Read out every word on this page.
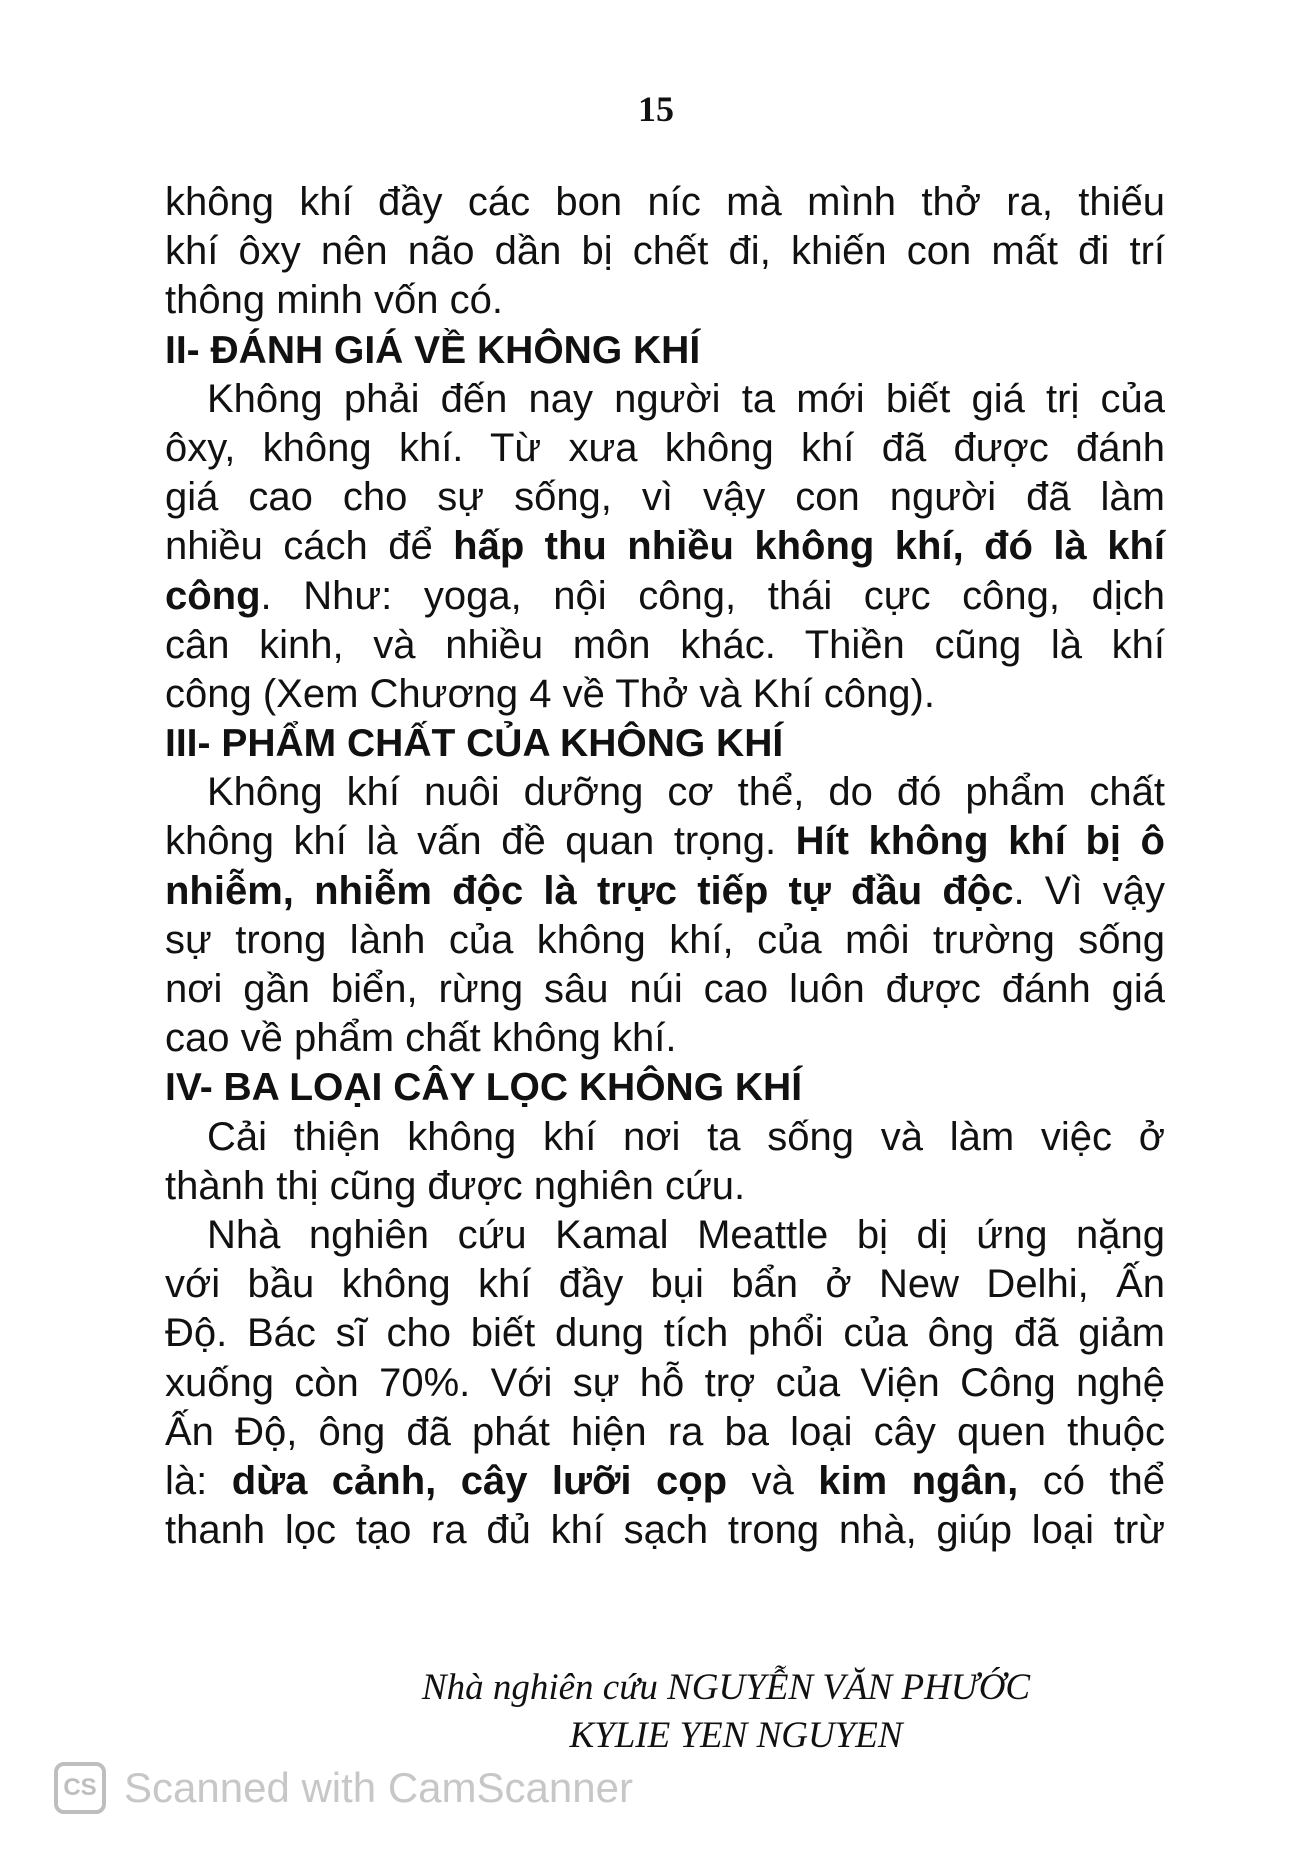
15
không khí đầy các bon níc mà mình thở ra, thiếu
khí ôxy nên não dần bị chết đi, khiến con mất đi trí
thông minh vốn có.
II- ĐÁNH GIÁ VỀ KHÔNG KHÍ
Không phải đến nay người ta mới biết giá trị của
ôxy, không khí. Từ xưa không khí đã được đánh
giá cao cho sự sống, vì vậy con người đã làm
nhiều cách để hấp thu nhiều không khí, đó là khí
công. Như: yoga, nội công, thái cực công, dịch
cân kinh, và nhiều môn khác. Thiền cũng là khí
công (Xem Chương 4 về Thở và Khí công).
III- PHẨM CHẤT CỦA KHÔNG KHÍ
Không khí nuôi dưỡng cơ thể, do đó phẩm chất
không khí là vấn đề quan trọng. Hít không khí bị ô
nhiễm, nhiễm độc là trực tiếp tự đầu độc. Vì vậy
sự trong lành của không khí, của môi trường sống
nơi gần biển, rừng sâu núi cao luôn được đánh giá
cao về phẩm chất không khí.
IV- BA LOẠI CÂY LỌC KHÔNG KHÍ
Cải thiện không khí nơi ta sống và làm việc ở
thành thị cũng được nghiên cứu.
Nhà nghiên cứu Kamal Meattle bị dị ứng nặng
với bầu không khí đầy bụi bẩn ở New Delhi, Ấn
Độ. Bác sĩ cho biết dung tích phổi của ông đã giảm
xuống còn 70%. Với sự hỗ trợ của Viện Công nghệ
Ấn Độ, ông đã phát hiện ra ba loại cây quen thuộc
là: dừa cảnh, cây lưỡi cọp và kim ngân, có thể
thanh lọc tạo ra đủ khí sạch trong nhà, giúp loại trừ
Nhà nghiên cứu NGUYỄN VĂN PHƯỚC
KYLIE YEN NGUYEN
CS Scanned with CamScanner
